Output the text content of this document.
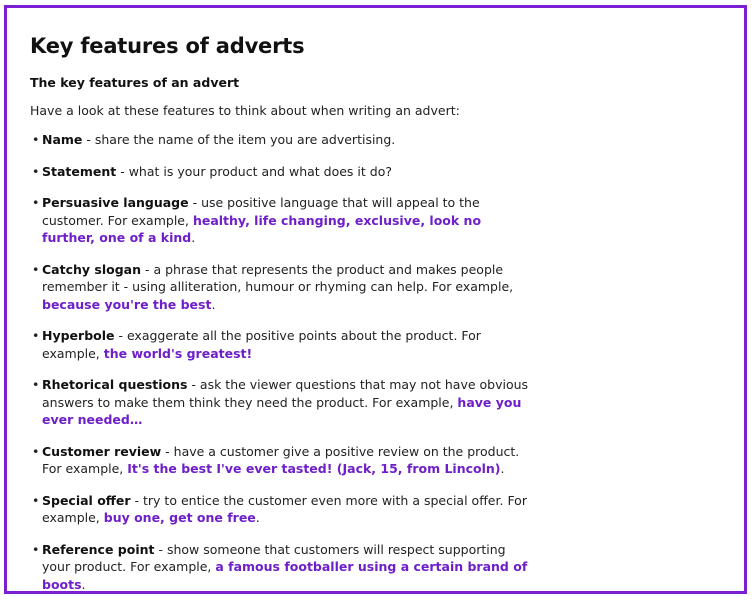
Key features of adverts

The key features of an advert

Have a look at these features to think about when writing an advert:

• Name - share the name of the item you are advertising.
• Statement - what is your product and what does it do?
• Persuasive language - use positive language that will appeal to the customer. For example, healthy, life changing, exclusive, look no further, one of a kind.
• Catchy slogan - a phrase that represents the product and makes people remember it - using alliteration, humour or rhyming can help. For example, because you're the best.
• Hyperbole - exaggerate all the positive points about the product. For example, the world's greatest!
• Rhetorical questions - ask the viewer questions that may not have obvious answers to make them think they need the product. For example, have you ever needed…
• Customer review - have a customer give a positive review on the product. For example, It's the best I've ever tasted! (Jack, 15, from Lincoln).
• Special offer - try to entice the customer even more with a special offer. For example, buy one, get one free.
• Reference point - show someone that customers will respect supporting your product. For example, a famous footballer using a certain brand of boots.
